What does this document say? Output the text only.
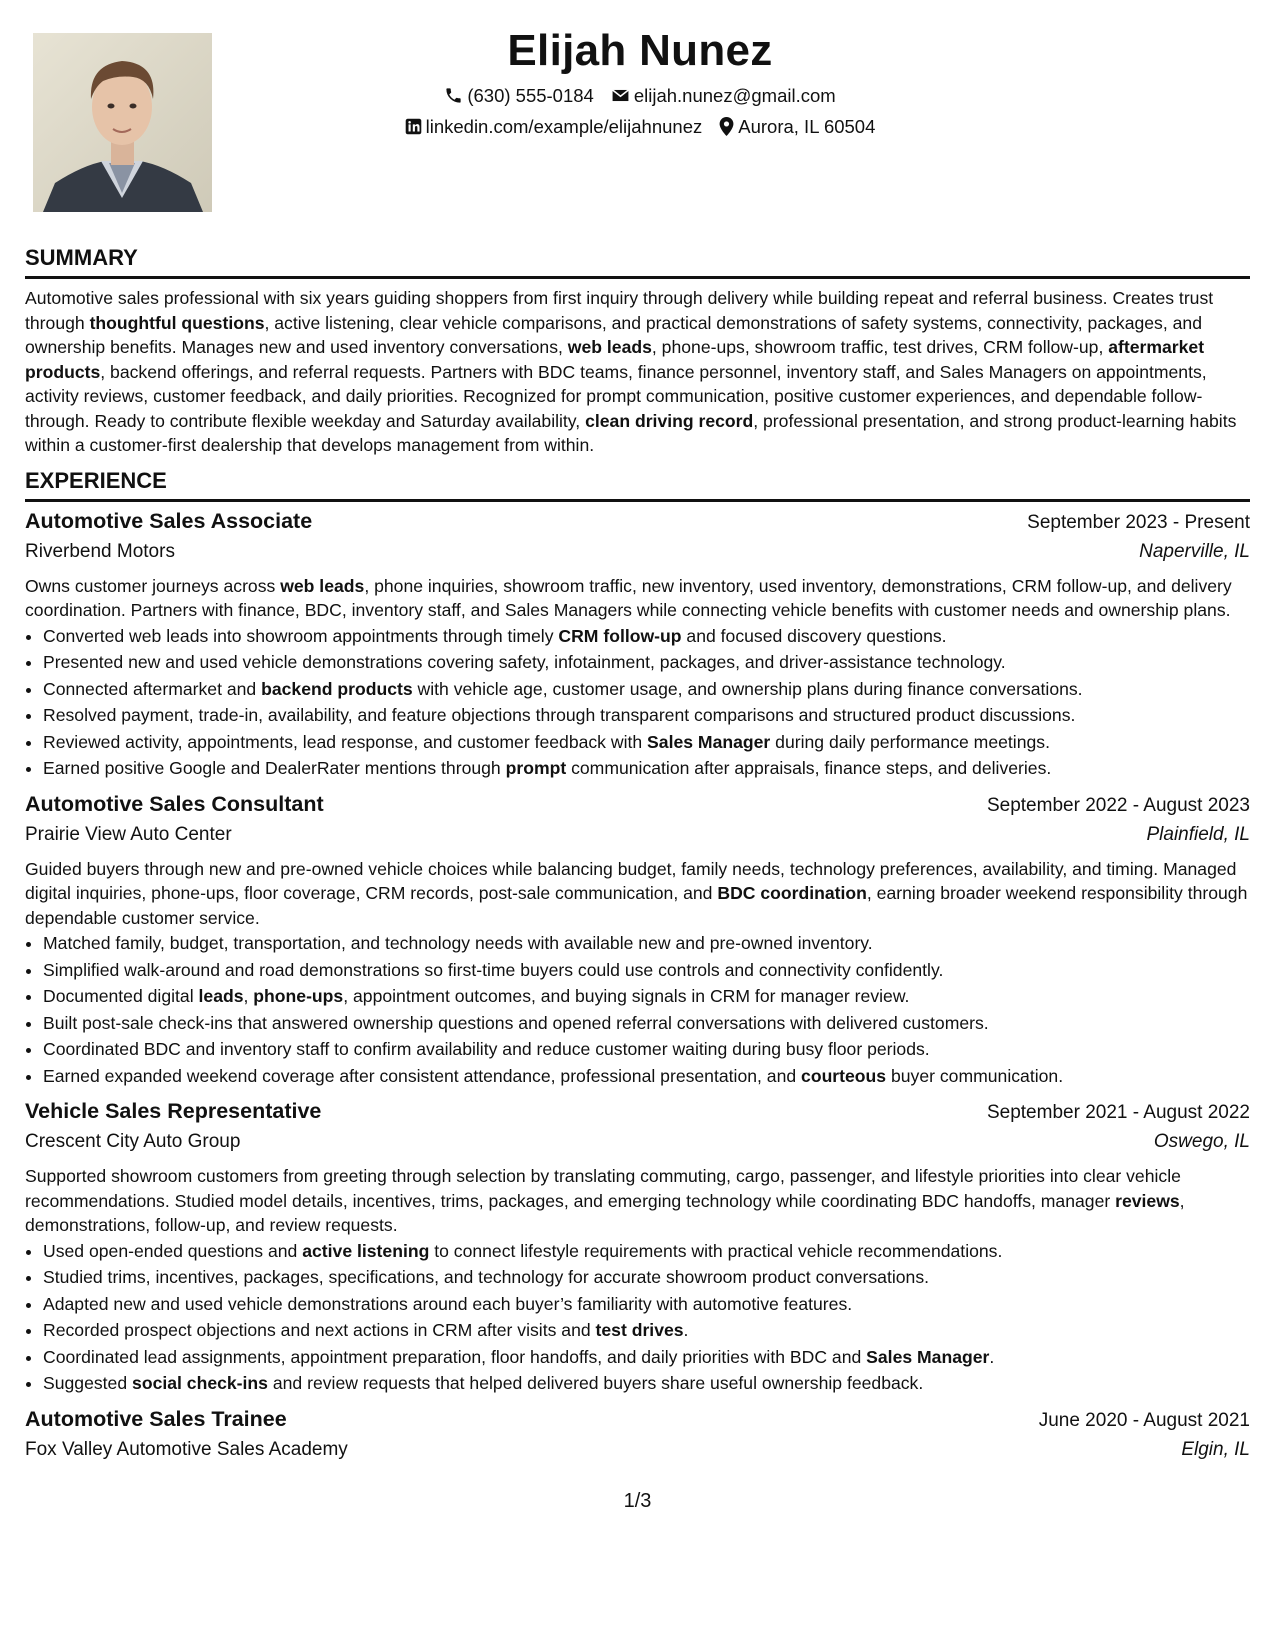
Elijah Nunez
(630) 555-0184 elijah.nunez@gmail.com
linkedin.com/example/elijahnunez Aurora, IL 60504
SUMMARY

Automotive sales professional with six years guiding shoppers from first inquiry through delivery while building repeat and referral business. Creates trust through thoughtful questions, active listening, clear vehicle comparisons, and practical demonstrations of safety systems, connectivity, packages, and ownership benefits. Manages new and used inventory conversations, web leads, phone-ups, showroom traffic, test drives, CRM follow-up, aftermarket products, backend offerings, and referral requests. Partners with BDC teams, finance personnel, inventory staff, and Sales Managers on appointments, activity reviews, customer feedback, and daily priorities. Recognized for prompt communication, positive customer experiences, and dependable follow-through. Ready to contribute flexible weekday and Saturday availability, clean driving record, professional presentation, and strong product-learning habits within a customer-first dealership that develops management from within.

EXPERIENCE
Automotive Sales Associate	September 2023 - Present
Riverbend Motors	Naperville, IL

Owns customer journeys across web leads, phone inquiries, showroom traffic, new inventory, used inventory, demonstrations, CRM follow-up, and delivery coordination. Partners with finance, BDC, inventory staff, and Sales Managers while connecting vehicle benefits with customer needs and ownership plans.

• Converted web leads into showroom appointments through timely CRM follow-up and focused discovery questions.
• Presented new and used vehicle demonstrations covering safety, infotainment, packages, and driver-assistance technology.
• Connected aftermarket and backend products with vehicle age, customer usage, and ownership plans during finance conversations.
• Resolved payment, trade-in, availability, and feature objections through transparent comparisons and structured product discussions.
• Reviewed activity, appointments, lead response, and customer feedback with Sales Manager during daily performance meetings.
• Earned positive Google and DealerRater mentions through prompt communication after appraisals, finance steps, and deliveries.
Automotive Sales Consultant	September 2022 - August 2023
Prairie View Auto Center	Plainfield, IL

Guided buyers through new and pre-owned vehicle choices while balancing budget, family needs, technology preferences, availability, and timing. Managed digital inquiries, phone-ups, floor coverage, CRM records, post-sale communication, and BDC coordination, earning broader weekend responsibility through dependable customer service.

• Matched family, budget, transportation, and technology needs with available new and pre-owned inventory.
• Simplified walk-around and road demonstrations so first-time buyers could use controls and connectivity confidently.
• Documented digital leads, phone-ups, appointment outcomes, and buying signals in CRM for manager review.
• Built post-sale check-ins that answered ownership questions and opened referral conversations with delivered customers.
• Coordinated BDC and inventory staff to confirm availability and reduce customer waiting during busy floor periods.
• Earned expanded weekend coverage after consistent attendance, professional presentation, and courteous buyer communication.
Vehicle Sales Representative	September 2021 - August 2022
Crescent City Auto Group	Oswego, IL

Supported showroom customers from greeting through selection by translating commuting, cargo, passenger, and lifestyle priorities into clear vehicle recommendations. Studied model details, incentives, trims, packages, and emerging technology while coordinating BDC handoffs, manager reviews, demonstrations, follow-up, and review requests.

• Used open-ended questions and active listening to connect lifestyle requirements with practical vehicle recommendations.
• Studied trims, incentives, packages, specifications, and technology for accurate showroom product conversations.
• Adapted new and used vehicle demonstrations around each buyer’s familiarity with automotive features.
• Recorded prospect objections and next actions in CRM after visits and test drives.
• Coordinated lead assignments, appointment preparation, floor handoffs, and daily priorities with BDC and Sales Manager.
• Suggested social check-ins and review requests that helped delivered buyers share useful ownership feedback.
Automotive Sales Trainee	June 2020 - August 2021
Fox Valley Automotive Sales Academy	Elgin, IL
1/3
